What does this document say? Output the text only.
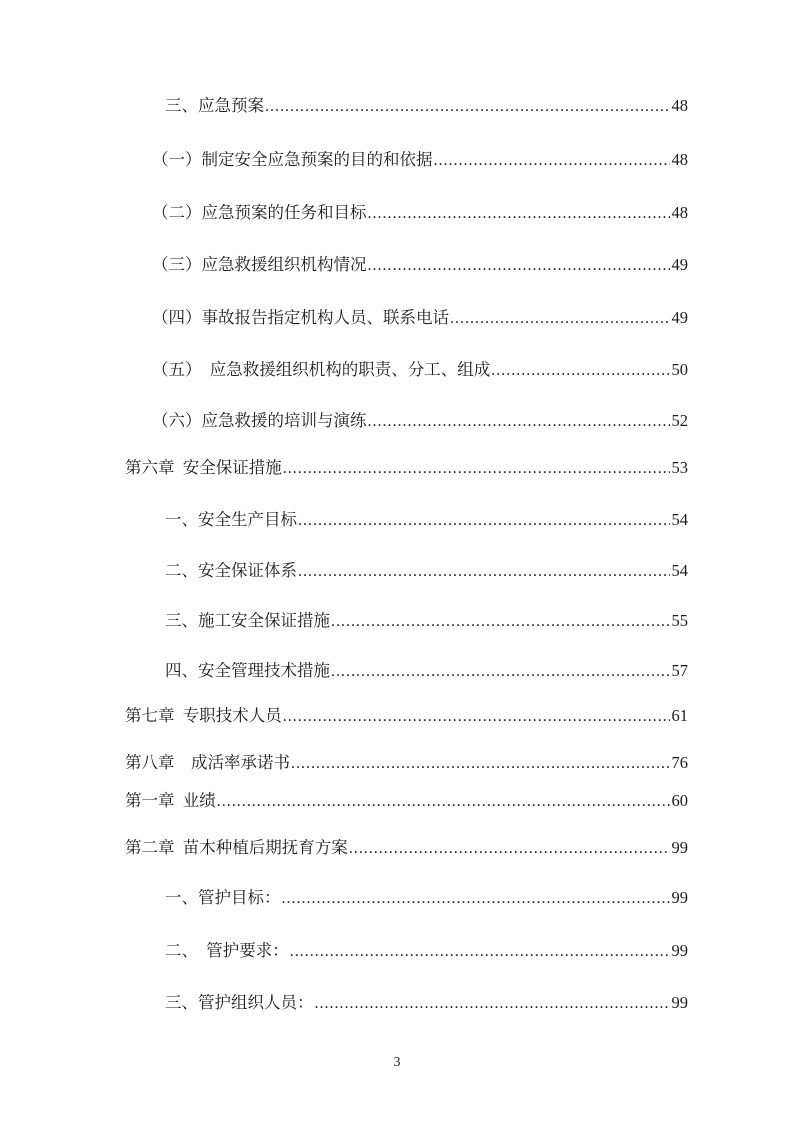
三、应急预案 .....	48
（一）制定安全应急预案的目的和依据 .....	48
（二）应急预案的任务和目标 .....	48
（三）应急救援组织机构情况 .....	49
（四）事故报告指定机构人员、联系电话 .....	49
（五）　应急救援组织机构的职责、分工、组成 .....	50
（六）应急救援的培训与演练 .....	52
第六章  安全保证措施 .....	53
一、安全生产目标 .....	54
二、安全保证体系 .....	54
三、施工安全保证措施 .....	55
四、安全管理技术措施 .....	57
第七章  专职技术人员 .....	61
第八章　成活率承诺书 .....	76
第一章  业绩 .....	60
第二章  苗木种植后期抚育方案 .....	99
一、管护目标： .....	99
二、　管护要求： .....	99
三、管护组织人员： .....	99
3
